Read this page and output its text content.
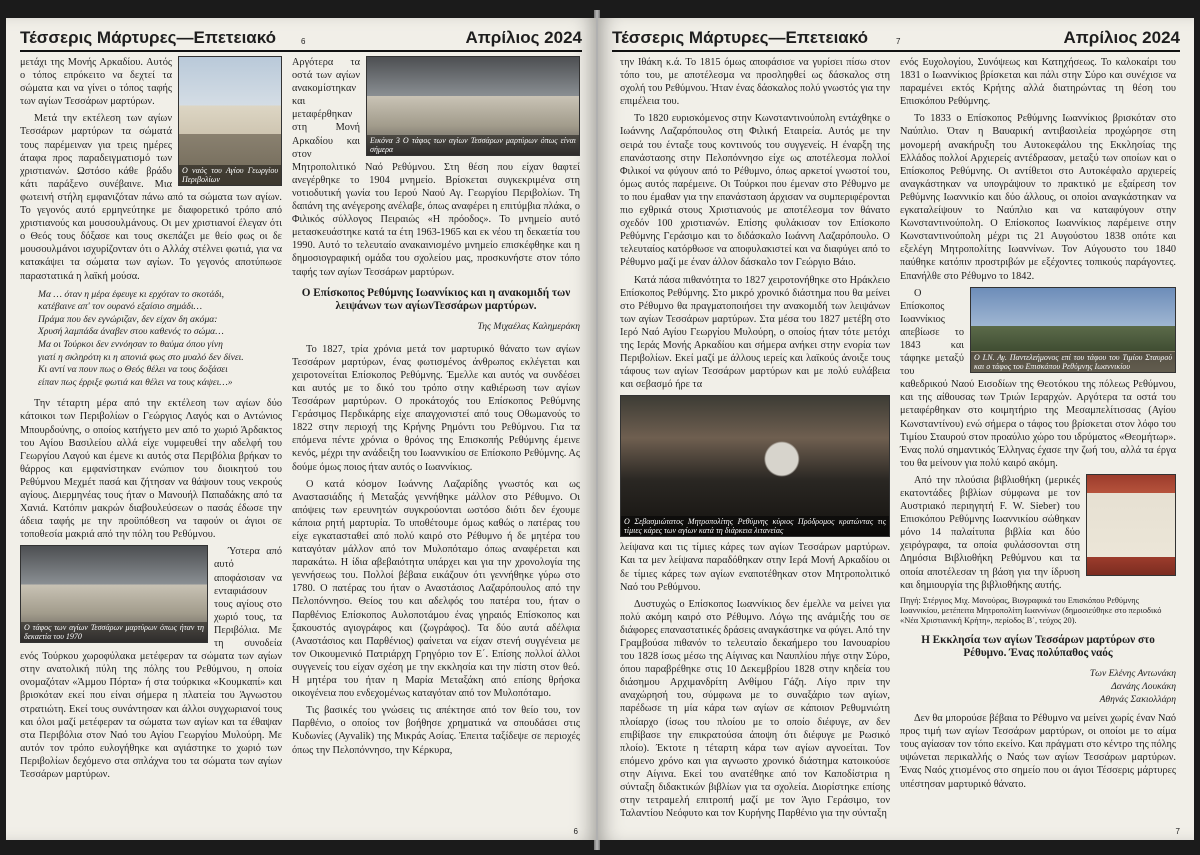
Τέσσερις Μάρτυρες—Επετειακό	6	Απρίλιος 2024
Ο ναός του Αγίου Γεωργίου Περιβολίων

μετάχι της Μονής Αρκαδίου. Αυτός ο τόπος επρόκειτο να δεχτεί τα σώματα και να γίνει ο τόπος ταφής των αγίων Τεσσάρων μαρτύρων.

Μετά την εκτέλεση των αγίων Τεσσάρων μαρτύρων τα σώματά τους παρέμειναν για τρεις ημέρες άταφα προς παραδειγματισμό των χριστιανών. Ωστόσο κάθε βράδυ κάτι παράξενο συνέβαινε. Μια φωτεινή στήλη εμφανιζόταν πάνω από τα σώματα των αγίων. Το γεγονός αυτό ερμηνεύτηκε με διαφορετικό τρόπο από χριστιανούς και μουσουλμάνους. Οι μεν χριστιανοί έλεγαν ότι ο Θεός τους δόξασε και τους σκεπάζει με θείο φως οι δε μουσουλμάνοι ισχυρίζονταν ότι ο Αλλάχ στέλνει φωτιά, για να κατακάψει τα σώματα των αγίων. Το γεγονός αποτύπωσε παραστατικά η λαϊκή μούσα.

Μα … όταν η μέρα έφευγε κι ερχόταν το σκοτάδι,
κατέβαινε απ' τον ουρανό εξαίσιο σημάδι…
Πράμα που δεν εγνώριζαν, δεν είχαν δη ακόμα:
Χρυσή λαμπάδα άναβεν στου καθενός το σώμα…
Μα οι Τούρκοι δεν εννόησαν το θαύμα όπου γίνη
γιατί η σκληρότη κι η απονιά φως στο μυαλό δεν δίνει.
Κι αντί να πουν πως ο Θεός θέλει να τους δοξάσει
είπαν πως έρριξε φωτιά και θέλει να τους κάψει…»

Την τέταρτη μέρα από την εκτέλεση των αγίων δύο κάτοικοι των Περιβολίων ο Γεώργιος Λαγός και ο Αντώνιος Μπουρδούνης, ο οποίος κατήγετο μεν από το χωριό Άρδακτος του Αγίου Βασιλείου αλλά είχε νυμφευθεί την αδελφή του Γεωργίου Λαγού και έμενε κι αυτός στα Περιβόλια βρήκαν το θάρρος και εμφανίστηκαν ενώπιον του διοικητού του Ρεθύμνου Μεχμέτ πασά και ζήτησαν να θάψουν τους νεκρούς αγίους. Διερμηνέας τους ήταν ο Μανουήλ Παπαδάκης από τα Χανιά. Κατόπιν μακρών διαβουλεύσεων ο πασάς έδωσε την άδεια ταφής με την προϋπόθεση να ταφούν οι άγιοι σε τοποθεσία μακριά από την πόλη του Ρεθύμνου.

Ο τάφος των αγίων Τεσσάρων μαρτύρων όπως ήταν τη δεκαετία του 1970

Ύστερα από αυτό αποφάσισαν να ενταφιάσουν τους αγίους στο χωριό τους, τα Περιβόλια. Με τη συνοδεία ενός Τούρκου χωροφύλακα μετέφεραν τα σώματα των αγίων στην ανατολική πύλη της πόλης του Ρεθύμνου, η οποία ονομαζόταν «Άμμου Πόρτα» ή στα τούρκικα «Κουμκαπί» και βρισκόταν εκεί που είναι σήμερα η πλατεία του Άγνωστου στρατιώτη. Εκεί τους συνάντησαν και άλλοι συγχωριανοί τους και όλοι μαζί μετέφεραν τα σώματα των αγίων και τα έθαψαν στα Περιβόλια στον Ναό του Αγίου Γεωργίου Μυλούρη. Με αυτόν τον τρόπο ευλογήθηκε και αγιάστηκε το χωριό των Περιβολίων δεχόμενο στα σπλάχνα του τα σώματα των αγίων Τεσσάρων μαρτύρων.

Εικόνα 3 Ο τάφος των αγίων Τεσσάρων μαρτύρων όπως είναι σήμερα

Αργότερα τα οστά των αγίων ανακομίστηκαν και μεταφέρθηκαν στη Μονή Αρκαδίου και στον Μητροπολιτικό Ναό Ρεθύμνου. Στη θέση που είχαν θαφτεί ανεγέρθηκε το 1904 μνημείο. Βρίσκεται συγκεκριμένα στη νοτιοδυτική γωνία του Ιερού Ναού Αγ. Γεωργίου Περιβολίων. Τη δαπάνη της ανέγερσης ανέλαβε, όπως αναφέρει η επιτύμβια πλάκα, ο Φιλικός σύλλογος Πειραιώς «Η πρόοδος». Το μνημείο αυτό μετασκευάστηκε κατά τα έτη 1963-1965 και εκ νέου τη δεκαετία του 1990. Αυτό το τελευταίο ανακαινισμένο μνημείο επισκέφθηκε και η δημοσιογραφική ομάδα του σχολείου μας, προσκυνήστε στον τόπο ταφής των αγίων Τεσσάρων μαρτύρων.

Ο Επίσκοπος Ρεθύμνης Ιωαννίκιος και η ανακομιδή των λειψάνων των αγίωνΤεσσάρων μαρτύρων.
Της Μιχαέλας Καλημεράκη

Το 1827, τρία χρόνια μετά τον μαρτυρικό θάνατο των αγίων Τεσσάρων μαρτύρων, ένας φωτισμένος άνθρωπος εκλέγεται και χειροτονείται Επίσκοπος Ρεθύμνης. Έμελλε και αυτός να συνδέσει και αυτός με το δικό του τρόπο στην καθιέρωση των αγίων Τεσσάρων μαρτύρων. Ο προκάτοχός του Επίσκοπος Ρεθύμνης Γεράσιμος Περδικάρης είχε απαγχονιστεί από τους Οθωμανούς το 1822 στην περιοχή της Κρήνης Ρημόντι του Ρεθύμνου. Για τα επόμενα πέντε χρόνια ο θρόνος της Επισκοπής Ρεθύμνης έμεινε κενός, μέχρι την ανάδειξη του Ιωαννικίου σε Επίσκοπο Ρεθύμνης. Ας δούμε όμως ποιος ήταν αυτός ο Ιωαννίκιος.

Ο κατά κόσμον Ιωάννης Λαζαρίδης γνωστός και ως Αναστασιάδης ή Μεταξάς γεννήθηκε μάλλον στο Ρέθυμνο. Οι απόψεις των ερευνητών συγκρούονται ωστόσο διότι δεν έχουμε κάποια ρητή μαρτυρία. Το υποθέτουμε όμως καθώς ο πατέρας του είχε εγκατασταθεί από πολύ καιρό στο Ρέθυμνο ή δε μητέρα του καταγόταν μάλλον από τον Μυλοπόταμο όπως αναφέρεται και παρακάτω. Η ίδια αβεβαιότητα υπάρχει και για την χρονολογία της γεννήσεως του. Πολλοί βέβαια εικάζουν ότι γεννήθηκε γύρω στο 1780. Ο πατέρας του ήταν ο Αναστάσιος Λαζαρόπουλος από την Πελοπόννησο. Θείος του και αδελφός του πατέρα του, ήταν ο Παρθένιος Επίσκοπος Αυλοποτάμου ένας γηραιός Επίσκοπος και ξακουστός αγιογράφος και (ζωγράφος). Τα δύο αυτά αδέλφια (Αναστάσιος και Παρθένιος) φαίνεται να είχαν στενή συγγένεια με τον Οικουμενικό Πατριάρχη Γρηγόριο τον Ε΄. Επίσης πολλοί άλλοι συγγενείς του είχαν σχέση με την εκκλησία και την πίστη στον θεό. Η μητέρα του ήταν η Μαρία Μεταξάκη από επίσης θρήσκα οικογένεια που ενδεχομένως καταγόταν από τον Μυλοπόταμο.

Τις βασικές του γνώσεις τις απέκτησε από τον θείο του, τον Παρθένιο, ο οποίος τον βοήθησε χρηματικά να σπουδάσει στις Κυδωνίες (Ayvalik) της Μικράς Ασίας. Έπειτα ταξίδεψε σε περιοχές όπως την Πελοπόννησο, την Κέρκυρα,

6
Τέσσερις Μάρτυρες—Επετειακό	7	Απρίλιος 2024

την Ιθάκη κ.ά. Το 1815 όμως αποφάσισε να γυρίσει πίσω στον τόπο του, με αποτέλεσμα να προσληφθεί ως δάσκαλος στη σχολή του Ρεθύμνου. Ήταν ένας δάσκαλος πολύ γνωστός για την επιμέλεια του.

Το 1820 ευρισκόμενος στην Κωνσταντινούπολη εντάχθηκε ο Ιωάννης Λαζαρόπουλος στη Φιλική Εταιρεία. Αυτός με την σειρά του ένταξε τους κοντινούς του συγγενείς. Η έναρξη της επανάστασης στην Πελοπόννησο είχε ως αποτέλεσμα πολλοί Φιλικοί να φύγουν από το Ρέθυμνο, όπως αρκετοί γνωστοί του, όμως αυτός παρέμεινε. Οι Τούρκοι που έμεναν στο Ρέθυμνο με το που έμαθαν για την επανάσταση άρχισαν να συμπεριφέρονται πιο εχθρικά στους Χριστιανούς με αποτέλεσμα τον θάνατο σχεδόν 100 χριστιανών. Επίσης φυλάκισαν τον Επίσκοπο Ρεθύμνης Γεράσιμο και το διδάσκαλο Ιωάννη Λαζαρόπουλο. Ο τελευταίος κατόρθωσε να αποφυλακιστεί και να διαφύγει από το Ρέθυμνο μαζί με έναν άλλον δάσκαλο τον Γεώργιο Βάιο.

Κατά πάσα πιθανότητα το 1827 χειροτονήθηκε στο Ηράκλειο Επίσκοπος Ρεθύμνης. Στο μικρό χρονικό διάστημα που θα μείνει στο Ρέθυμνο θα πραγματοποιήσει την ανακομιδή των λειψάνων των αγίων Τεσσάρων μαρτύρων. Στα μέσα του 1827 μετέβη στο Ιερό Ναό Αγίου Γεωργίου Μυλούρη, ο οποίος ήταν τότε μετόχι της Ιεράς Μονής Αρκαδίου και σήμερα ανήκει στην ενορία των Περιβολίων. Εκεί μαζί με άλλους ιερείς και λαϊκούς άνοιξε τους τάφους των αγίων Τεσσάρων μαρτύρων και με πολύ ευλάβεια και σεβασμό ήρε τα

Ο Σεβασμιώτατος Μητροπολίτης Ρεθύμνης κύριος Πρόδρομος κρατώντας τις τίμιες κάρες των αγίων κατά τη διάρκεια λιτανείας

λείψανα και τις τίμιες κάρες των αγίων Τεσσάρων μαρτύρων. Και τα μεν λείψανα παραδόθηκαν στην Ιερά Μονή Αρκαδίου οι δε τίμιες κάρες των αγίων εναποτέθηκαν στον Μητροπολιτικό Ναό του Ρεθύμνου.

Δυστυχώς ο Επίσκοπος Ιωαννίκιος δεν έμελλε να μείνει για πολύ ακόμη καιρό στο Ρέθυμνο. Λόγω της ανάμιξής του σε διάφορες επαναστατικές δράσεις αναγκάστηκε να φύγει. Από την Γραμβούσα πιθανόν το τελευταίο δεκαήμερο του Ιανουαρίου του 1828 ίσως μέσω της Αίγινας και Ναυπλίου πήγε στην Σύρο, όπου παραβρέθηκε στις 10 Δεκεμβρίου 1828 στην κηδεία του διάσημου Αρχιμανδρίτη Ανθίμου Γάζη. Λίγο πριν την αναχώρησή του, σύμφωνα με το συναξάριο των αγίων, παρέδωσε τη μία κάρα των αγίων σε κάποιον Ρεθυμνιώτη πλοίαρχο (ίσως του πλοίου με το οποίο διέφυγε, αν δεν επιβίβασε την επικρατούσα άποψη ότι διέφυγε με Ρωσικό πλοίο). Έκτοτε η τέταρτη κάρα των αγίων αγνοείται. Τον επόμενο χρόνο και για αγνωστο χρονικό διάστημα κατοικούσε στην Αίγινα. Εκεί του ανατέθηκε από τον Καποδίστρια η σύνταξη διδακτικών βιβλίων για τα σχολεία. Διορίστηκε επίσης στην τετραμελή επιτροπή μαζί με τον Άγιο Γεράσιμο, τον Ταλαντίου Νεόφυτο και τον Κυρήνης Παρθένιο για την σύνταξη

ενός Ευχολογίου, Συνόψεως και Κατηχήσεως. Το καλοκαίρι του 1831 ο Ιωαννίκιος βρίσκεται και πάλι στην Σύρο και συνέχισε να παραμένει εκτός Κρήτης αλλά διατηρώντας τη θέση του Επισκόπου Ρεθύμνης.

Το 1833 ο Επίσκοπος Ρεθύμνης Ιωαννίκιος βρισκόταν στο Ναύπλιο. Όταν η Βαυαρική αντιβασιλεία προχώρησε στη μονομερή ανακήρυξη του Αυτοκεφάλου της Εκκλησίας της Ελλάδος πολλοί Αρχιερείς αντέδρασαν, μεταξύ των οποίων και ο Επίσκοπος Ρεθύμνης. Οι αντίθετοι στο Αυτοκέφαλο αρχιερείς αναγκάστηκαν να υπογράψουν το πρακτικό με εξαίρεση τον Ρεθύμνης Ιωαννικίο και δύο άλλους, οι οποίοι αναγκάστηκαν να εγκαταλείψουν το Ναύπλιο και να καταφύγουν στην Κωνσταντινούπολη. Ο Επίσκοπος Ιωαννίκιος παρέμεινε στην Κωνσταντινούπολη μέχρι τις 21 Αυγούστου 1838 οπότε και εξελέγη Μητροπολίτης Ιωαννίνων. Τον Αύγουστο του 1840 παύθηκε κατόπιν προστριβών με εξέχοντες τοπικούς παράγοντες. Επανήλθε στο Ρέθυμνο το 1842.

Ο Ι.Ν. Αγ. Παντελεήμονος επί του τάφου του Τιμίου Σταυρού και ο τάφος του Επισκόπου Ρεθύμνης Ιωαννικίου

Ο Επίσκοπος Ιωαννίκιος απεβίωσε το 1843 και τάφηκε μεταξύ του καθεδρικού Ναού Εισοδίων της Θεοτόκου της πόλεως Ρεθύμνου, και της αίθουσας των Τριών Ιεραρχών. Αργότερα τα οστά του μεταφέρθηκαν στο κοιμητήριο της Μεσαμπελίτισσας (Αγίου Κωνσταντίνου) ενώ σήμερα ο τάφος του βρίσκεται στον λόφο του Τιμίου Σταυρού στον προαύλιο χώρο του ιδρύματος «Θεομήτωρ». Ένας πολύ σημαντικός Έλληνας έχασε την ζωή του, αλλά τα έργα του θα μείνουν για πολύ καιρό ακόμη.

Από την πλούσια βιβλιοθήκη (μερικές εκατοντάδες βιβλίων σύμφωνα με τον Αυστριακό περιηγητή F. W. Sieber) του Επισκόπου Ρεθύμνης Ιωαννικίου σώθηκαν μόνο 14 παλαίτυπα βιβλία και δύο χειρόγραφα, τα οποία φυλάσσονται στη Δημόσια Βιβλιοθήκη Ρεθύμνου και τα οποία αποτέλεσαν τη βάση για την ίδρυση και δημιουργία της βιβλιοθήκης αυτής.

Πηγή: Στέργιος Μιχ. Μανούρας, Βιογραφικά του Επισκόπου Ρεθύμνης Ιωαννικίου, μετέπειτα Μητροπολίτη Ιωαννίνων (δημοσιεύθηκε στο περιοδικό «Νέα Χριστιανική Κρήτη», περίοδος Β΄, τεύχος 20).

Η Εκκλησία των αγίων Τεσσάρων μαρτύρων στο Ρέθυμνο. Ένας πολύπαθος ναός
Των Ελένης Αντωνάκη
Δανάης Λουκάκη
Αθηνάς Σακιολλάρη

Δεν θα μπορούσε βέβαια το Ρέθυμνο να μείνει χωρίς έναν Ναό προς τιμή των αγίων Τεσσάρων μαρτύρων, οι οποίοι με το αίμα τους αγίασαν τον τόπο εκείνο. Και πράγματι στο κέντρο της πόλης υψώνεται περικαλλής ο Ναός των αγίων Τεσσάρων μαρτύρων. Ένας Ναός χτισμένος στο σημείο που οι άγιοι Τέσσερις μάρτυρες υπέστησαν μαρτυρικό θάνατο.

7
